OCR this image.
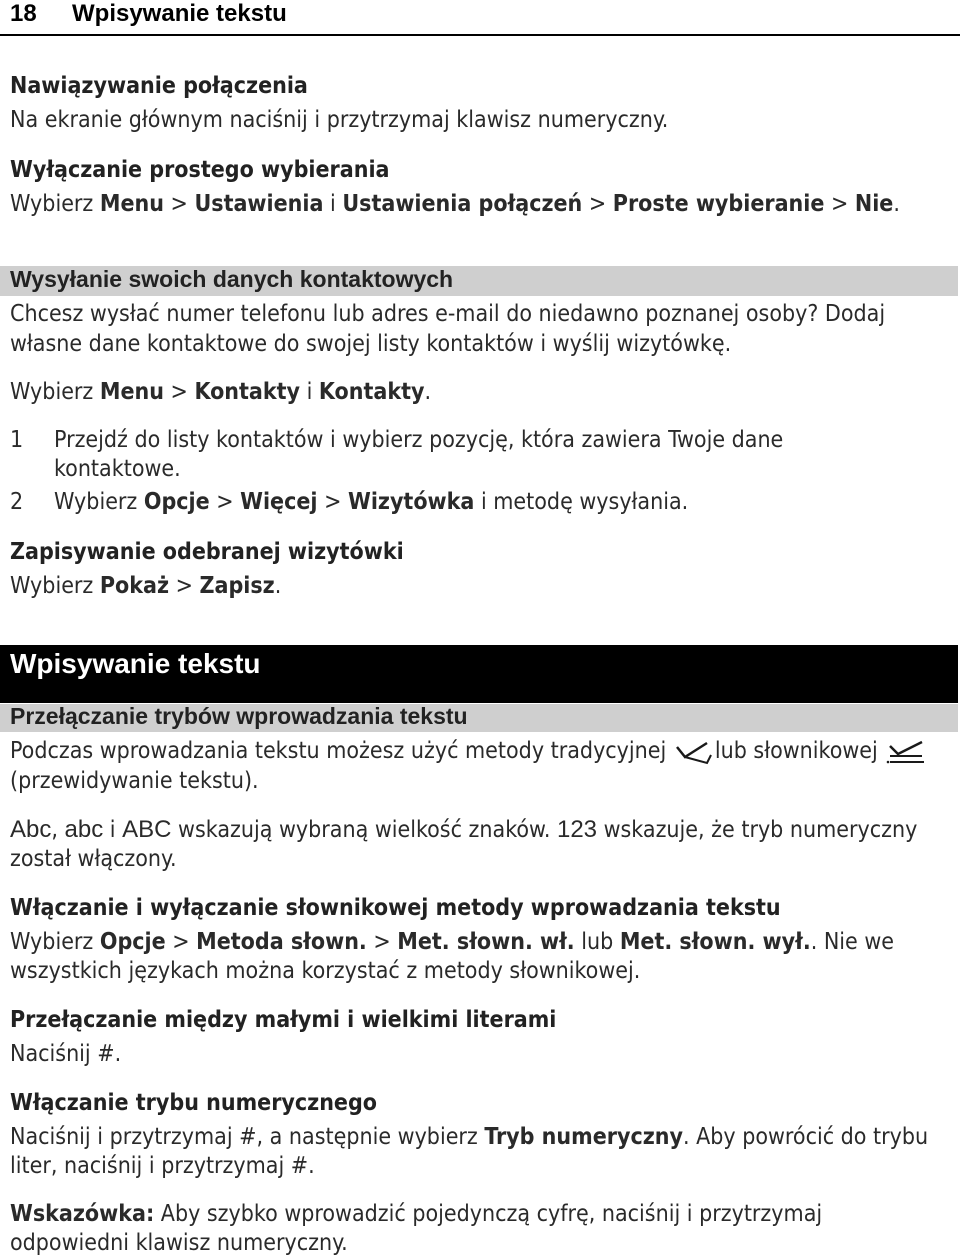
18 Wpisywanie tekstu
Nawiązywanie połączenia
Na ekranie głównym naciśnij i przytrzymaj klawisz numeryczny.
Wyłączanie prostego wybierania
Wybierz Menu > Ustawienia i Ustawienia połączeń > Proste wybieranie > Nie.
Wysyłanie swoich danych kontaktowych
Chcesz wysłać numer telefonu lub adres e-mail do niedawno poznanej osoby? Dodaj
własne dane kontaktowe do swojej listy kontaktów i wyślij wizytówkę.
Wybierz Menu > Kontakty i Kontakty.
1 Przejdź do listy kontaktów i wybierz pozycję, która zawiera Twoje dane
kontaktowe.
2 Wybierz Opcje > Więcej > Wizytówka i metodę wysyłania.
Zapisywanie odebranej wizytówki
Wybierz Pokaż > Zapisz.
Wpisywanie tekstu
Przełączanie trybów wprowadzania tekstu
Podczas wprowadzania tekstu możesz użyć metody tradycyjnej lub słownikowej
(przewidywanie tekstu).
Abc, abc i ABC wskazują wybraną wielkość znaków. 123 wskazuje, że tryb numeryczny
został włączony.
Włączanie i wyłączanie słownikowej metody wprowadzania tekstu
Wybierz Opcje > Metoda słown. > Met. słown. wł. lub Met. słown. wył.. Nie we
wszystkich językach można korzystać z metody słownikowej.
Przełączanie między małymi i wielkimi literami
Naciśnij #.
Włączanie trybu numerycznego
Naciśnij i przytrzymaj #, a następnie wybierz Tryb numeryczny. Aby powrócić do trybu
liter, naciśnij i przytrzymaj #.
Wskazówka: Aby szybko wprowadzić pojedynczą cyfrę, naciśnij i przytrzymaj
odpowiedni klawisz numeryczny.
